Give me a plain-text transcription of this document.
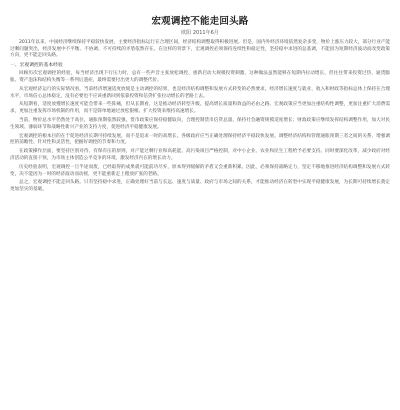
宏观调控不能走回头路
欧阳 2011年6月

2011年以来，中国经济继续保持平稳较快发展，主要经济指标运行在合理区间，经济结构调整取得积极进展。但是，国内外经济环境依然复杂多变，物价上涨压力较大，部分行业产能过剩问题突出，经济发展中不平衡、不协调、不可持续的矛盾依然存在。在这样的背景下，宏观调控必须保持连续性和稳定性，坚持稳中求进的总基调，不能因为短期经济波动而改变政策方向，更不能走回头路。

一、宏观调控的基本经验

回顾历次宏观调控的经验，每当经济出现下行压力时，总有一些声音主张放松调控、重新启动大规模投资刺激，这种做法虽然能够在短期内拉动增长，但往往带来投资过热、通货膨胀、资产泡沫和结构失衡等一系列后遗症，最终需要付出更大的调整代价。

从宏观经济运行的实际情况看，当前经济增速适度放缓是主动调控的结果，也是经济结构调整和发展方式转变的必然要求。经济增长速度与就业、收入和财政等指标总体上保持在合理水平，市场信心总体稳定，没有必要也不应该重新回到依靠投资和信贷扩张拉动增长的老路上去。

从短期看，适度放慢增长速度可能会带来一些阵痛，但从长期看，这是推动经济转型升级、提高增长质量和效益的必由之路。宏观政策应当更加注重结构性调整，更加注重扩大消费需求，更加注重发挥市场机制的作用，而不是简单地通过放松银根、扩大投资来维持高速增长。

当前，物价总水平仍然处于高位，通胀预期依然较强，货币政策应保持稳健取向，合理控制货币信贷总量，保持社会融资规模适度增长；财政政策应继续发挥结构调整作用，加大对民生领域、薄弱环节和战略性新兴产业的支持力度，促进经济平稳健康发展。

宏观调控的根本目的在于促进经济长期可持续发展，而不是追求一时的高增长。各级政府应当正确处理保持经济平稳较快发展、调整经济结构和管理通胀预期三者之间的关系，增强调控的前瞻性、针对性和灵活性，把握好调控的节奏和力度。

在政策操作层面，要坚持区别对待、有保有压的原则，对产能过剩行业和高耗能、高污染项目严格控制，对中小企业、农业和民生工程给予必要支持。同时要深化改革，减少政府对经济活动的直接干预，为市场主体创造公平竞争的环境，激发经济内在的增长动力。

历史经验表明，宏观调控一旦半途而废，已经取得的成果就可能前功尽弃，原本得到缓解的矛盾又会重新积累。因此，必须保持战略定力，坚定不移地推进经济结构调整和发展方式转变，决不能因为一时的经济波动而动摇，更不能重新走上粗放扩张的老路。

总之，宏观调控不能走回头路。只有坚持稳中求进，正确处理好当前与长远、速度与质量、政府与市场之间的关系，才能推动经济在转型中实现平稳健康发展，为长期可持续增长奠定更加坚实的基础。
